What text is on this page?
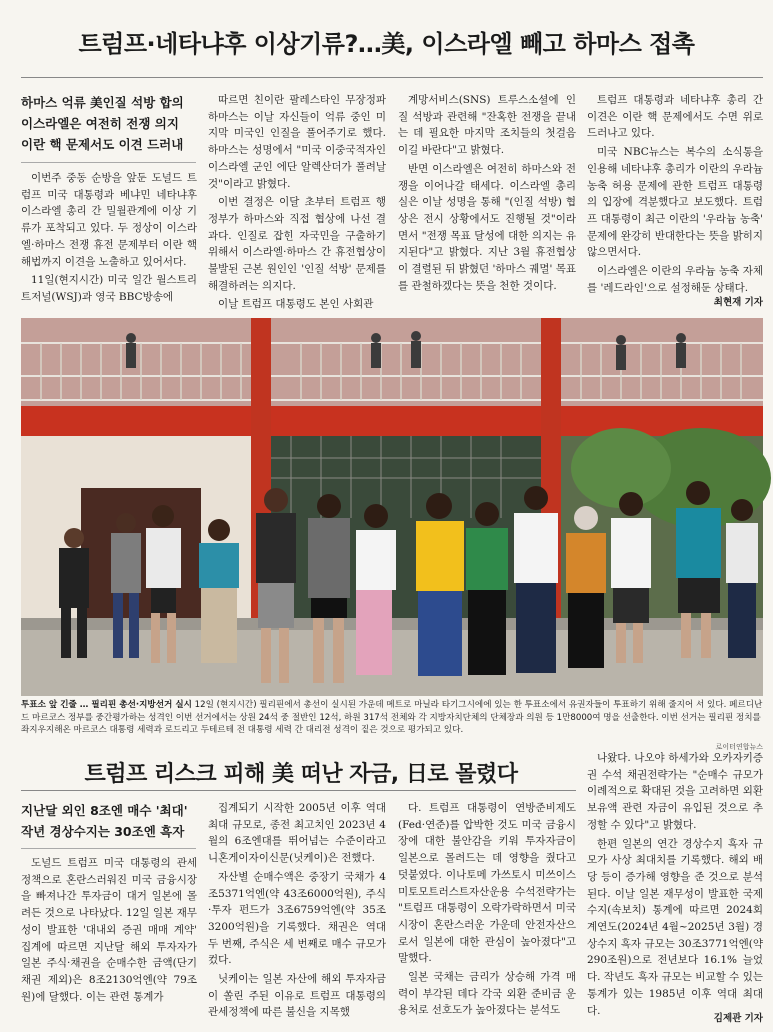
트럼프·네타냐후 이상기류?…美, 이스라엘 빼고 하마스 접촉
하마스 억류 美인질 석방 합의
이스라엘은 여전히 전쟁 의지
이란 핵 문제서도 이견 드러내

이번주 중동 순방을 앞둔 도널드 트럼프 미국 대통령과 베냐민 네타냐후 이스라엘 총리 간 밀월관계에 이상 기류가 포착되고 있다. 두 정상이 이스라엘·하마스 전쟁 휴전 문제부터 이란 핵 해법까지 이견을 노출하고 있어서다.

11일(현지시간) 미국 일간 월스트리트저널(WSJ)과 영국 BBC방송에

따르면 친이란 팔레스타인 무장정파 하마스는 이날 자신들이 억류 중인 미 지막 미국인 인질을 풀어주기로 했다. 하마스는 성명에서 "미국 이중국적자인 이스라엘 군인 에단 알렉산더가 풀려날 것"이라고 밝혔다.

이번 결정은 이달 초부터 트럼프 행정부가 하마스와 직접 협상에 나선 결과다. 인질로 잡힌 자국민을 구출하기 위해서 이스라엘·하마스 간 휴전협상이 불발된 근본 원인인 '인질 석방' 문제를 해결하려는 의지다.

이날 트럼프 대통령도 본인 사회관

계망서비스(SNS) 트루스소셜에 인질 석방과 관련해 "잔혹한 전쟁을 끝내는 데 필요한 마지막 조치들의 첫걸음이길 바란다"고 밝혔다.

반면 이스라엘은 여전히 하마스와 전쟁을 이어나갈 태세다. 이스라엘 총리실은 이날 성명을 통해 "(인질 석방) 협상은 전시 상황에서도 진행될 것"이라면서 "전쟁 목표 달성에 대한 의지는 유지된다"고 밝혔다. 지난 3월 휴전협상이 결렬된 뒤 밝혔던 '하마스 궤멸' 목표를 관철하겠다는 뜻을 천한 것이다.

트럼프 대통령과 네타냐후 총리 간 이견은 이란 핵 문제에서도 수면 위로 드러나고 있다.

미국 NBC뉴스는 복수의 소식통을 인용해 네타냐후 총리가 이란의 우라늄 농축 허용 문제에 관한 트럼프 대통령의 입장에 격분했다고 보도했다. 트럼프 대통령이 최근 이란의 '우라늄 농축' 문제에 완강히 반대한다는 뜻을 밝히지 않으면서다.

이스라엘은 이란의 우라늄 농축 자체를 '레드라인'으로 설정해둔 상태다.

최현재 기자
투표소 앞 긴줄 … 필리핀 총선·지방선거 실시 12일 (현지시간) 필리핀에서 총선이 실시된 가운데 메트로 마닐라 타기그시에에 있는 한 투표소에서 유권자들이 투표하기 위해 줄지어 서 있다. 페르디난드 마르코스 정부를 중간평가하는 성격인 이번 선거에서는 상원 24석 중 절반인 12석, 하원 317석 전체와 각 지방자치단체의 단체장과 의원 등 1만8000여 명을 선출한다. 이번 선거는 필리핀 정치를 좌지우지해온 마르코스 대통령 세력과 로드리고 두테르테 전 대통령 세력 간 대리전 성격이 짙은 것으로 평가되고 있다.
로이터연합뉴스
트럼프 리스크 피해 美 떠난 자금, 日로 몰렸다
지난달 외인 8조엔 매수 '최대'
작년 경상수지는 30조엔 흑자

도널드 트럼프 미국 대통령의 관세 정책으로 혼란스러워진 미국 금융시장을 빠져나간 투자금이 대거 일본에 몰려든 것으로 나타났다. 12일 일본 재무성이 발표한 '대내외 증권 매매 계약' 집계에 따르면 지난달 해외 투자자가 일본 주식·채권을 순매수한 금액(단기채권 제외)은 8조2130억엔(약 79조원)에 달했다. 이는 관련 통계가

집계되기 시작한 2005년 이후 역대 최대 규모로, 종전 최고치인 2023년 4월의 6조엔대를 뛰어넘는 수준이라고 니혼게이자이신문(닛케이)은 전했다.

자산별 순매수액은 중장기 국채가 4조5371억엔(약 43조6000억원), 주식·투자 펀드가 3조6759억엔(약 35조3200억원)을 기록했다. 채권은 역대 두 번째, 주식은 세 번째로 매수 규모가 컸다.

닛케이는 일본 자산에 해외 투자자금이 쏠린 주된 이유로 트럼프 대통령의 관세정책에 따른 불신을 지목했

다. 트럼프 대통령이 연방준비제도(Fed·연준)를 압박한 것도 미국 금융시장에 대한 불안감을 키워 투자자금이 일본으로 몰려드는 데 영향을 줬다고 덧붙였다. 이나토메 가쓰토시 미쓰이스미토모트러스트자산운용 수석전략가는 "트럼프 대통령이 오락가락하면서 미국 시장이 혼란스러운 가운데 안전자산으로서 일본에 대한 관심이 높아졌다"고 말했다.

일본 국채는 금리가 상승해 가격 매력이 부각된 데다 각국 외환 준비금 운용처로 선호도가 높아졌다는 분석도

나왔다. 나오야 하세가와 오카자키증권 수석 채권전략가는 "순매수 규모가 이례적으로 확대된 것을 고려하면 외환보유액 관련 자금이 유입된 것으로 추정할 수 있다"고 밝혔다.

한편 일본의 연간 경상수지 흑자 규모가 사상 최대치를 기록했다. 해외 배당 등이 증가해 영향을 준 것으로 분석된다. 이날 일본 재무성이 발표한 국제수지(속보치) 통계에 따르면 2024회계연도(2024년 4월~2025년 3월) 경상수지 흑자 규모는 30조3771억엔(약 290조원)으로 전년보다 16.1% 늘었다. 작년도 흑자 규모는 비교할 수 있는 통계가 있는 1985년 이후 역대 최대다.

김제관 기자
